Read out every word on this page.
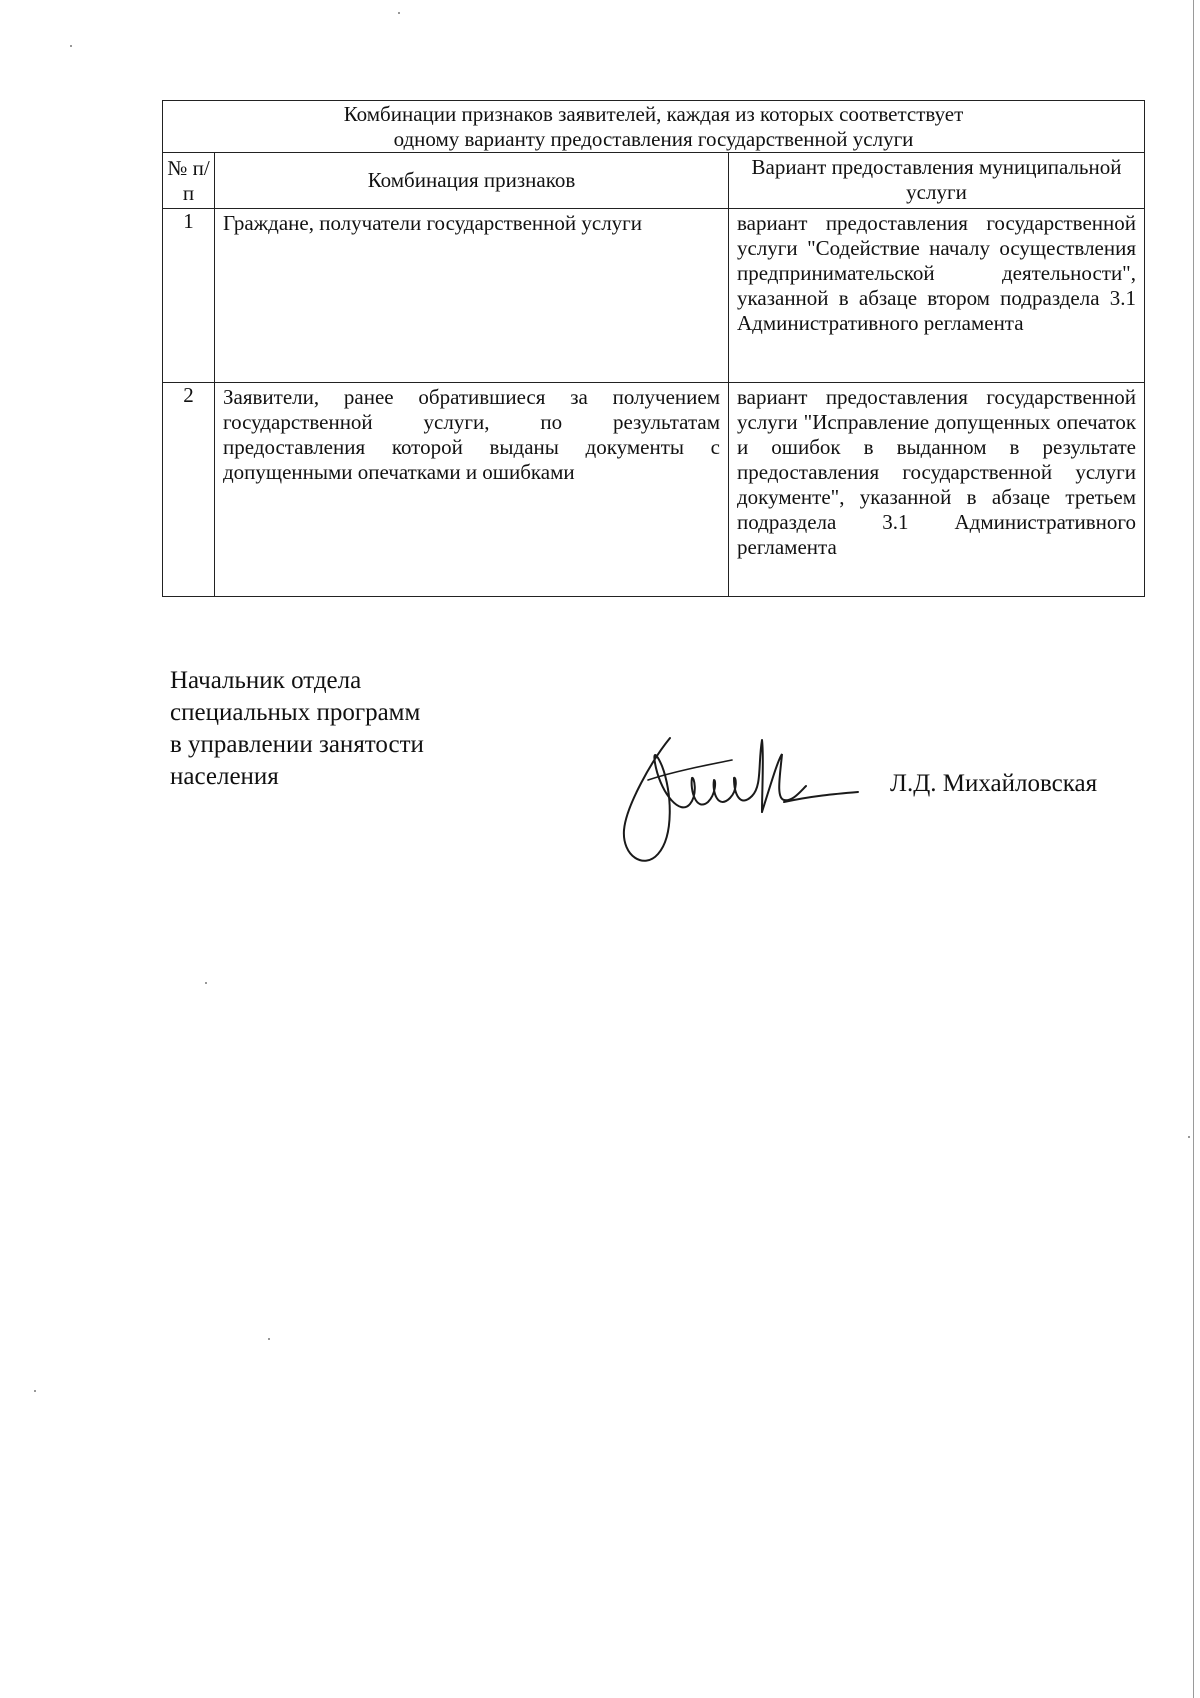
Комбинации признаков заявителей, каждая из которых соответствует
одному варианту предоставления государственной услуги		

№ п/п	Комбинация признаков	Вариант предоставления муниципальной услуги
1	Граждане, получатели государственной услуги	вариант предоставления государственной услуги "Содействие началу осуществления предпринимательской деятельности", указанной в абзаце втором подраздела 3.1 Административного регламента
2	Заявители, ранее обратившиеся за получением государственной услуги, по результатам предоставления которой выданы документы с допущенными опечатками и ошибками	вариант предоставления государственной услуги "Исправление допущенных опечаток и ошибок в выданном в результате предоставления государственной услуги документе", указанной в абзаце третьем подраздела 3.1 Административного регламента
Начальник отдела
специальных программ
в управлении занятости
населения	Л.Д. Михайловская
